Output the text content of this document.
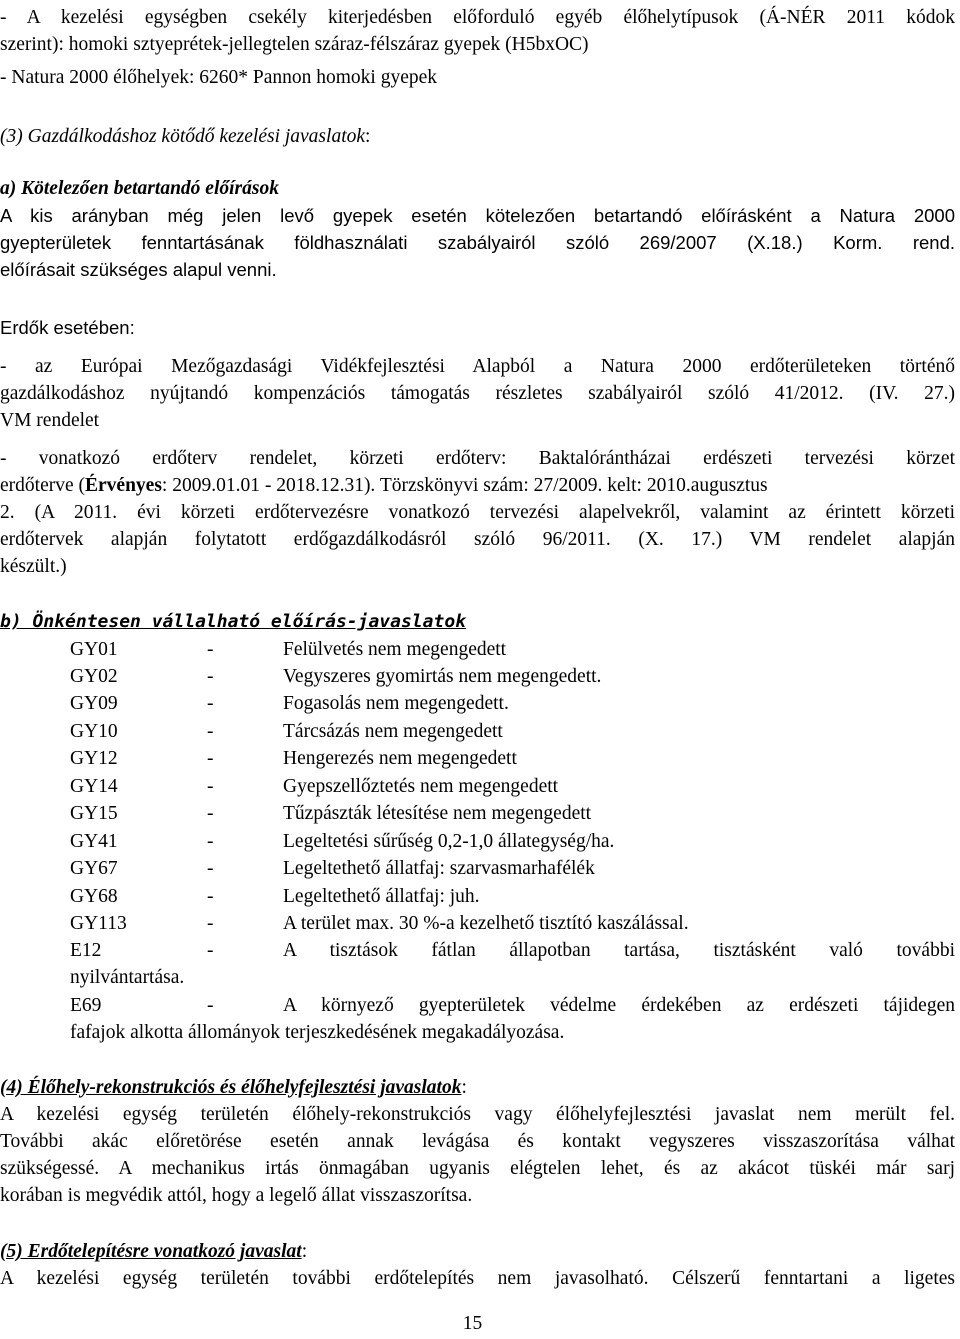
- A kezelési egységben csekély kiterjedésben előforduló egyéb élőhelytípusok (Á-NÉR 2011 kódok
szerint): homoki sztyeprétek-jellegtelen száraz-félszáraz gyepek (H5bxOC)
- Natura 2000 élőhelyek: 6260* Pannon homoki gyepek
(3) Gazdálkodáshoz kötődő kezelési javaslatok:
a) Kötelezően betartandó előírások
A kis arányban még jelen levő gyepek esetén kötelezően betartandó előírásként a Natura 2000
gyepterületek fenntartásának földhasználati szabályairól szóló 269/2007 (X.18.) Korm. rend.
előírásait szükséges alapul venni.
Erdők esetében:
- az Európai Mezőgazdasági Vidékfejlesztési Alapból a Natura 2000 erdőterületeken történő
gazdálkodáshoz nyújtandó kompenzációs támogatás részletes szabályairól szóló 41/2012. (IV. 27.)
VM rendelet
- vonatkozó erdőterv rendelet, körzeti erdőterv: Baktalórántházai erdészeti tervezési körzet
erdőterve (Érvényes: 2009.01.01 - 2018.12.31). Törzskönyvi szám: 27/2009. kelt: 2010.augusztus
2. (A 2011. évi körzeti erdőtervezésre vonatkozó tervezési alapelvekről, valamint az érintett körzeti
erdőtervek alapján folytatott erdőgazdálkodásról szóló 96/2011. (X. 17.) VM rendelet alapján
készült.)
b) Önkéntesen vállalható előírás-javaslatok
GY01	-	Felülvetés nem megengedett
GY02	-	Vegyszeres gyomirtás nem megengedett.
GY09	-	Fogasolás nem megengedett.
GY10	-	Tárcsázás nem megengedett
GY12	-	Hengerezés nem megengedett
GY14	-	Gyepszellőztetés nem megengedett
GY15	-	Tűzpászták létesítése nem megengedett
GY41	-	Legeltetési sűrűség 0,2-1,0 állategység/ha.
GY67	-	Legeltethető állatfaj: szarvasmarhafélék
GY68	-	Legeltethető állatfaj: juh.
GY113	-	A terület max. 30 %-a kezelhető tisztító kaszálással.
E12	-	A tisztások fátlan állapotban tartása, tisztásként való további
nyilvántartása.
E69	-	A környező gyepterületek védelme érdekében az erdészeti tájidegen
fafajok alkotta állományok terjeszkedésének megakadályozása.
(4) Élőhely-rekonstrukciós és élőhelyfejlesztési javaslatok:
A kezelési egység területén élőhely-rekonstrukciós vagy élőhelyfejlesztési javaslat nem merült fel.
További akác előretörése esetén annak levágása és kontakt vegyszeres visszaszorítása válhat
szükségessé. A mechanikus irtás önmagában ugyanis elégtelen lehet, és az akácot tüskéi már sarj
korában is megvédik attól, hogy a legelő állat visszaszorítsa.
(5) Erdőtelepítésre vonatkozó javaslat:
A kezelési egység területén további erdőtelepítés nem javasolható. Célszerű fenntartani a ligetes
15
